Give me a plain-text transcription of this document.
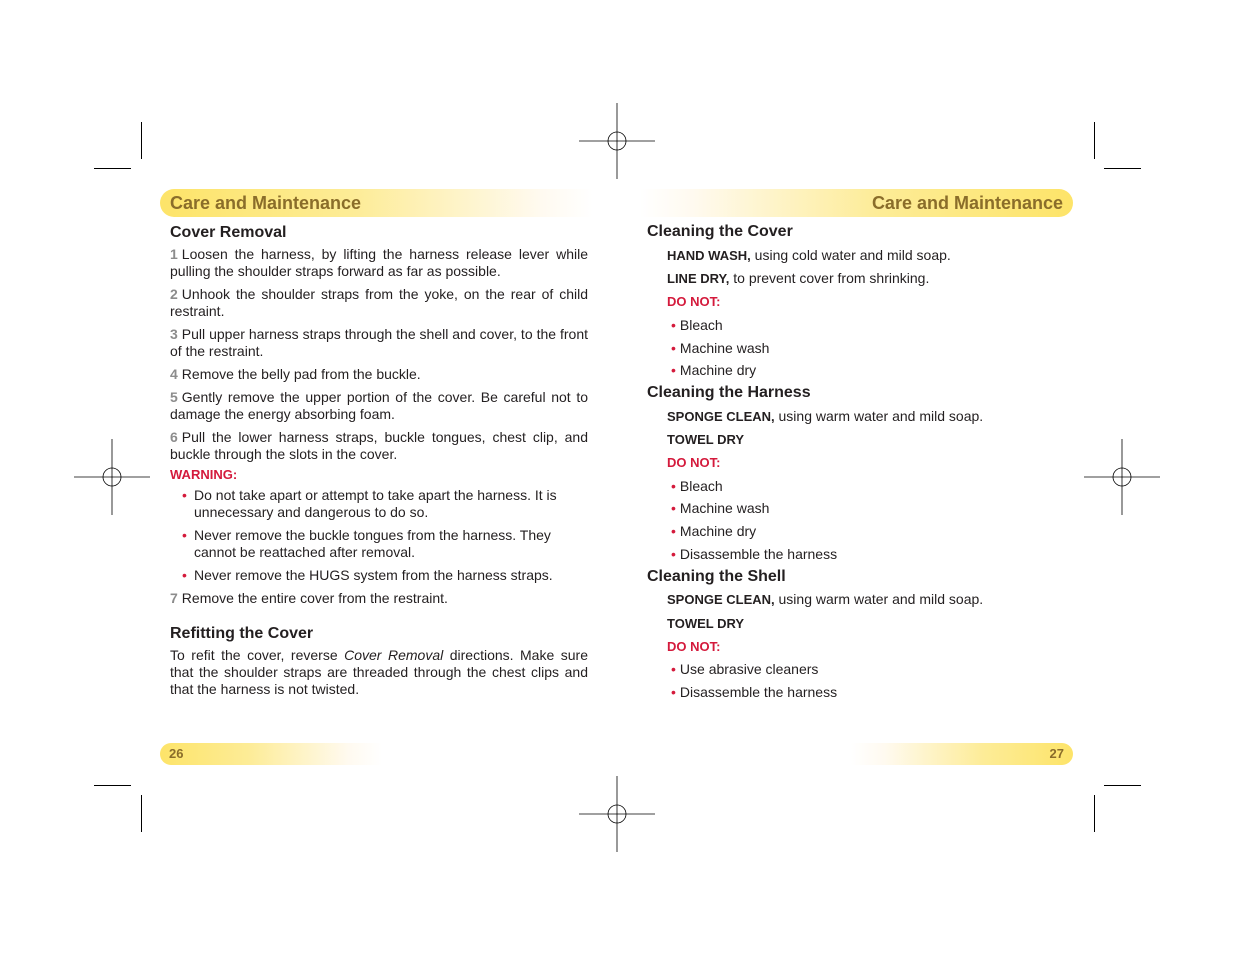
Care and Maintenance
Cover Removal

1 Loosen the harness, by lifting the harness release lever while pulling the shoulder straps forward as far as possible.

2 Unhook the shoulder straps from the yoke, on the rear of child restraint.

3 Pull upper harness straps through the shell and cover, to the front of the restraint.

4 Remove the belly pad from the buckle.

5 Gently remove the upper portion of the cover. Be careful not to damage the energy absorbing foam.

6 Pull the lower harness straps, buckle tongues, chest clip, and buckle through the slots in the cover.

WARNING:

• Do not take apart or attempt to take apart the harness. It is unnecessary and dangerous to do so.
• Never remove the buckle tongues from the harness. They cannot be reattached after removal.
• Never remove the HUGS system from the harness straps.

7 Remove the entire cover from the restraint.

Refitting the Cover

To refit the cover, reverse Cover Removal directions. Make sure that the shoulder straps are threaded through the chest clips and that the harness is not twisted.

26
Care and Maintenance
Cleaning the Cover
HAND WASH, using cold water and mild soap.
LINE DRY, to prevent cover from shrinking.
DO NOT:
• Bleach
• Machine wash
• Machine dry
Cleaning the Harness
SPONGE CLEAN, using warm water and mild soap.
TOWEL DRY
DO NOT:
• Bleach
• Machine wash
• Machine dry
• Disassemble the harness
Cleaning the Shell
SPONGE CLEAN, using warm water and mild soap.
TOWEL DRY
DO NOT:
• Use abrasive cleaners
• Disassemble the harness
27
